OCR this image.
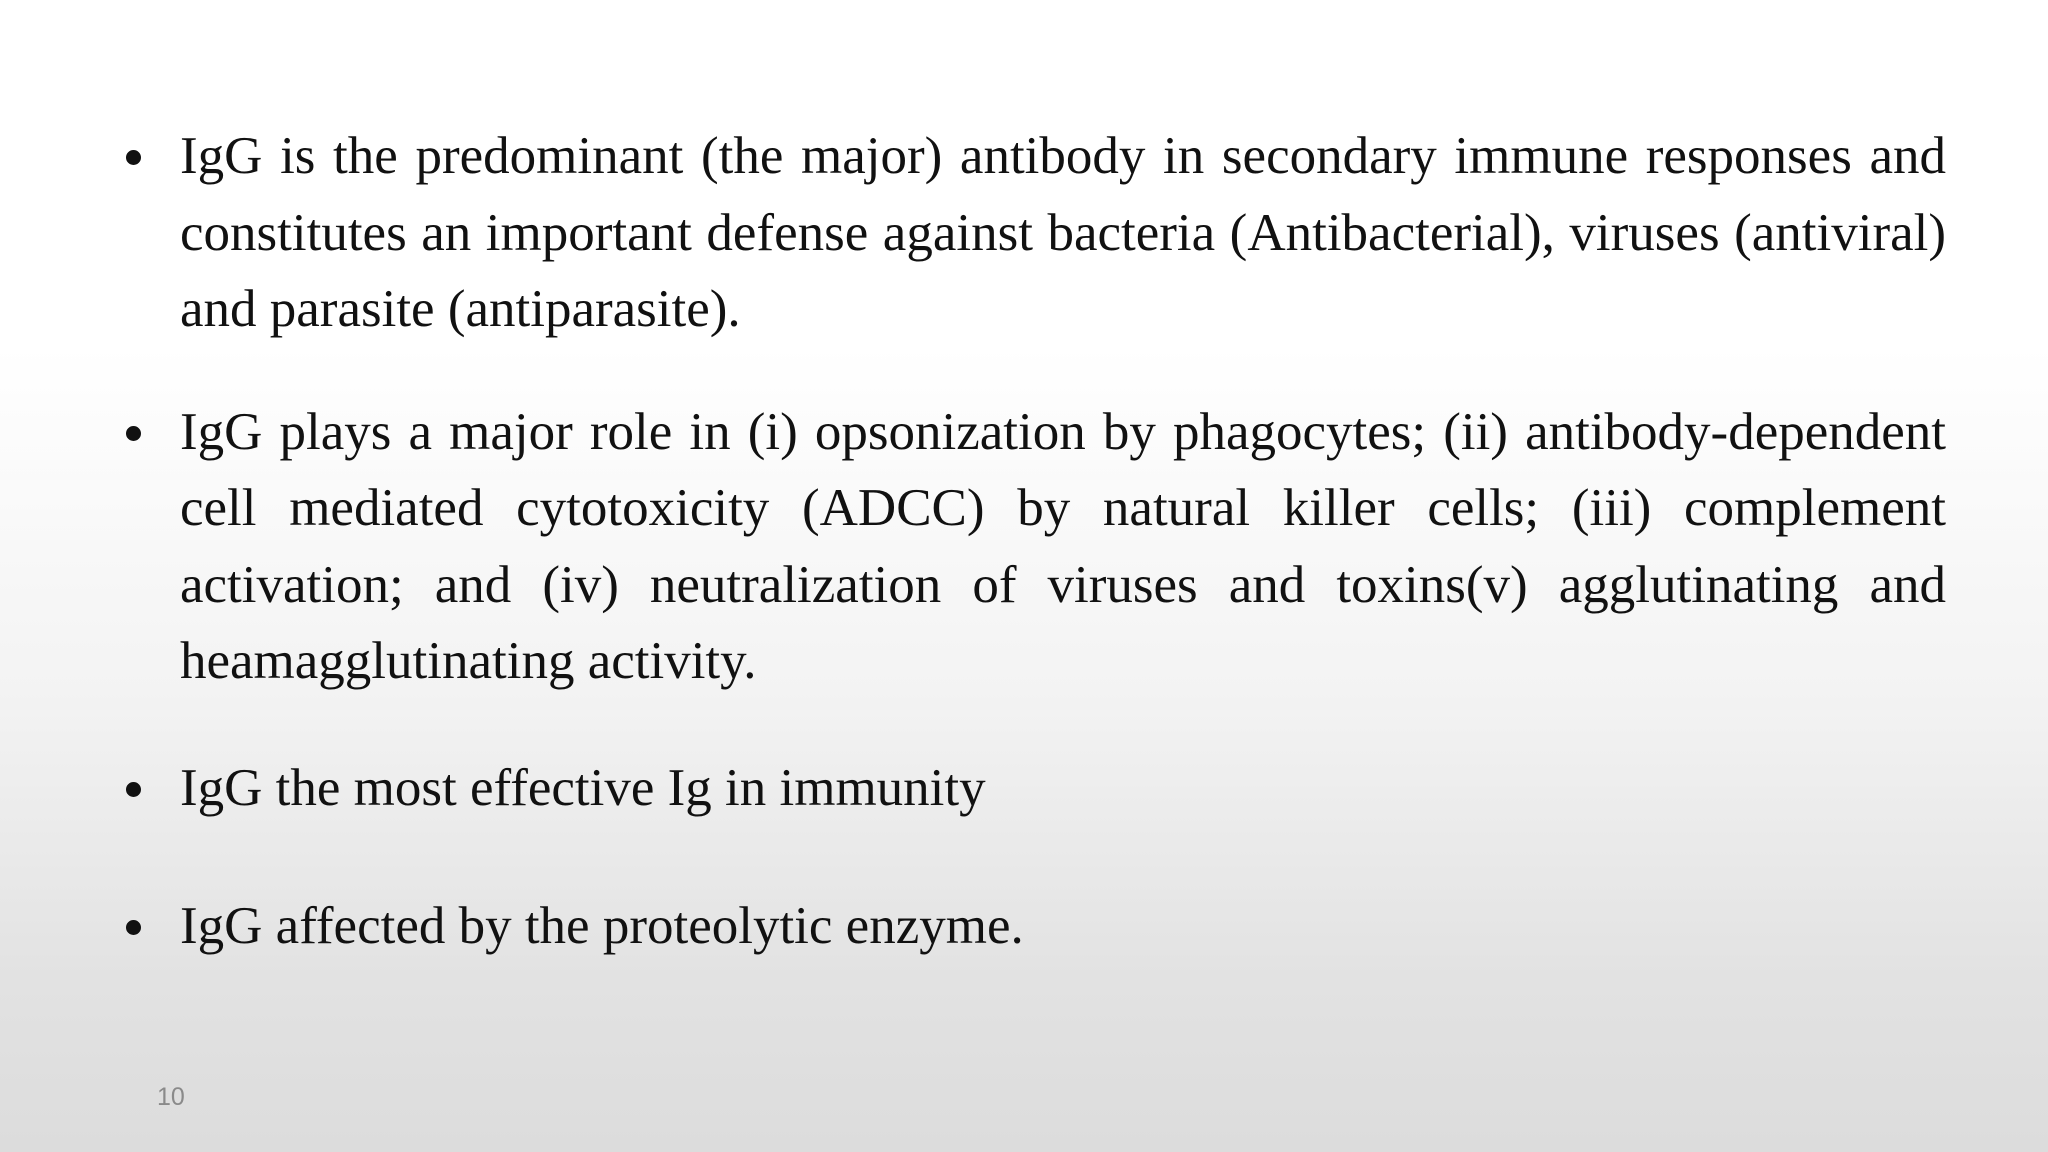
IgG is the predominant (the major) antibody in secondary immune responses and constitutes an important defense against bacteria (Antibacterial), viruses (antiviral) and parasite (antiparasite).
IgG plays a major role in (i) opsonization by phagocytes; (ii) antibody-dependent cell mediated cytotoxicity (ADCC) by natural killer cells; (iii) complement activation; and (iv) neutralization of viruses and toxins(v) agglutinating and heamagglutinating activity.
IgG the most effective Ig in immunity
IgG affected by the proteolytic enzyme.
10
